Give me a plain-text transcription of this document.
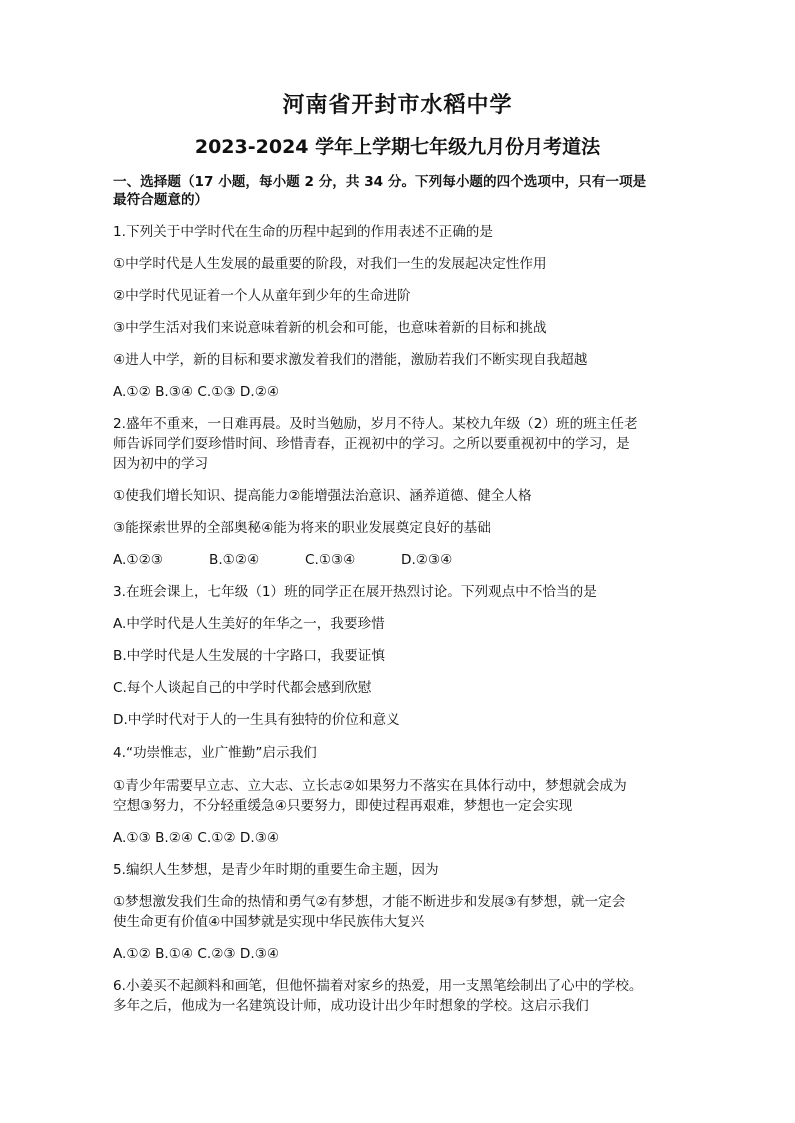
河南省开封市水稻中学
2023-2024 学年上学期七年级九月份月考道法
一、选择题（17 小题，每小题 2 分，共 34 分。下列每小题的四个选项中，只有一项是
最符合题意的）
1.下列关于中学时代在生命的历程中起到的作用表述不正确的是
①中学时代是人生发展的最重要的阶段，对我们一生的发展起决定性作用
②中学时代见证着一个人从童年到少年的生命进阶
③中学生活对我们来说意味着新的机会和可能，也意味着新的目标和挑战
④进人中学，新的目标和要求激发着我们的潜能，激励若我们不断实现自我超越
A.①② B.③④ C.①③ D.②④
2.盛年不重来，一日难再晨。及时当勉励，岁月不待人。某校九年级（2）班的班主任老
师告诉同学们耍珍惜时间、珍惜青春，正视初中的学习。之所以要重视初中的学习，是
因为初中的学习
①使我们增长知识、提高能力②能增强法治意识、涵养道德、健全人格
③能探索世界的全部奥秘④能为将来的职业发展奠定良好的基础
A.①②③	B.①②④	C.①③④	D.②③④
3.在班会课上，七年级（1）班的同学正在展开热烈讨论。下列观点中不恰当的是
A.中学时代是人生美好的年华之一，我要珍惜
B.中学时代是人生发展的十字路口，我要证慎
C.每个人谈起自己的中学时代都会感到欣慰
D.中学时代对于人的一生具有独特的价位和意义
4.“功崇惟志，业广惟勤”启示我们
①青少年需要早立志、立大志、立长志②如果努力不落实在具体行动中，梦想就会成为
空想③努力，不分轻重缓急④只要努力，即使过程再艰难，梦想也一定会实现
A.①③ B.②④ C.①② D.③④
5.编织人生梦想，是青少年时期的重要生命主题，因为
①梦想激发我们生命的热情和勇气②有梦想，才能不断进步和发展③有梦想，就一定会
使生命更有价值④中国梦就是实现中华民族伟大复兴
A.①② B.①④ C.②③ D.③④
6.小姜买不起颜料和画笔，但他怀揣着对家乡的热爱，用一支黑笔绘制出了心中的学校。
多年之后，他成为一名建筑设计师，成功设计出少年时想象的学校。这启示我们
